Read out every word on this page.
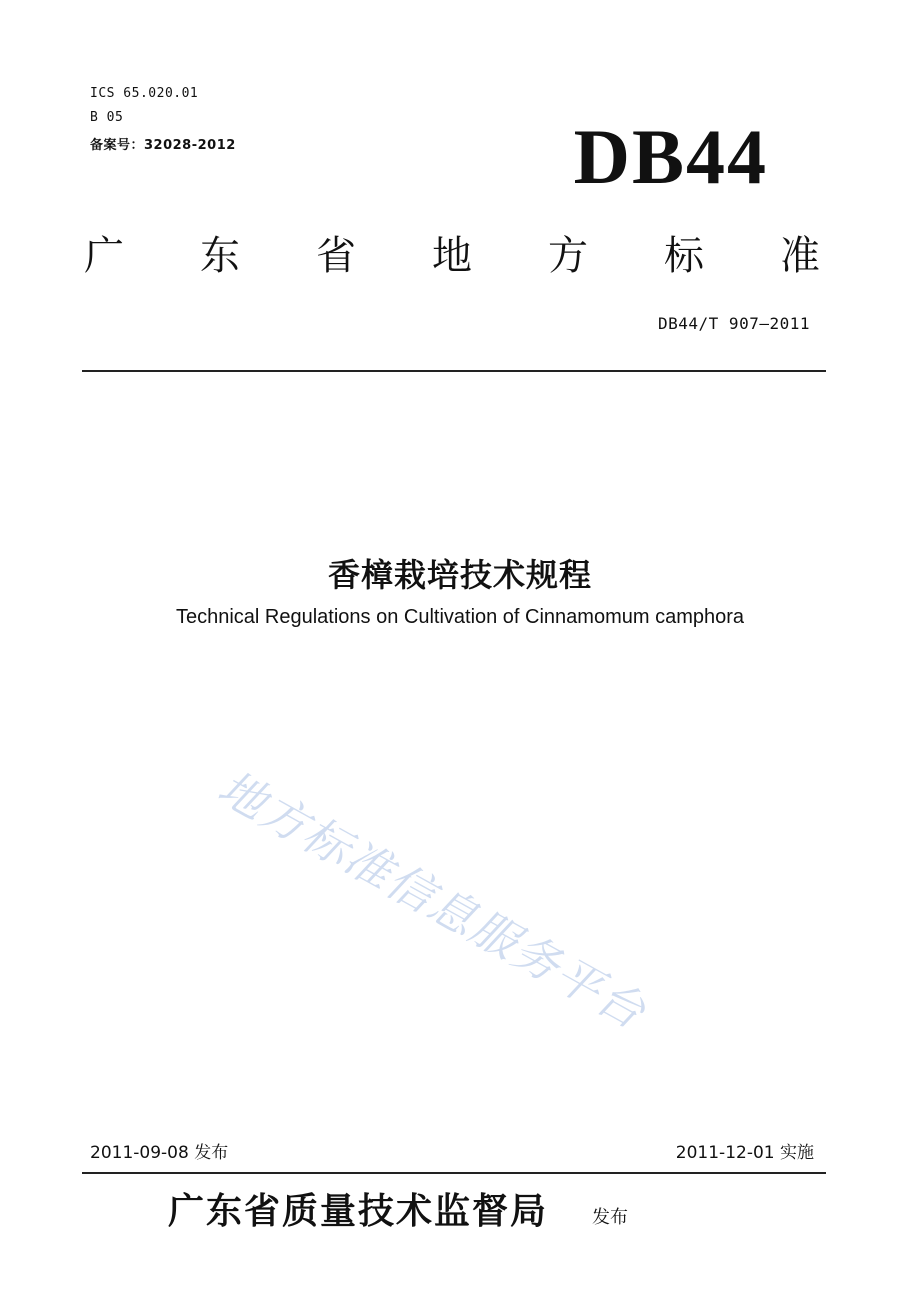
ICS 65.020.01
B 05
备案号：32028-2012	DB44
广 东 省 地 方 标 准
DB44/T 907—2011
香樟栽培技术规程
Technical Regulations on Cultivation of Cinnamomum camphora
地方标准信息服务平台
2011-09-08 发布	2011-12-01 实施
广东省质量技术监督局 发布
